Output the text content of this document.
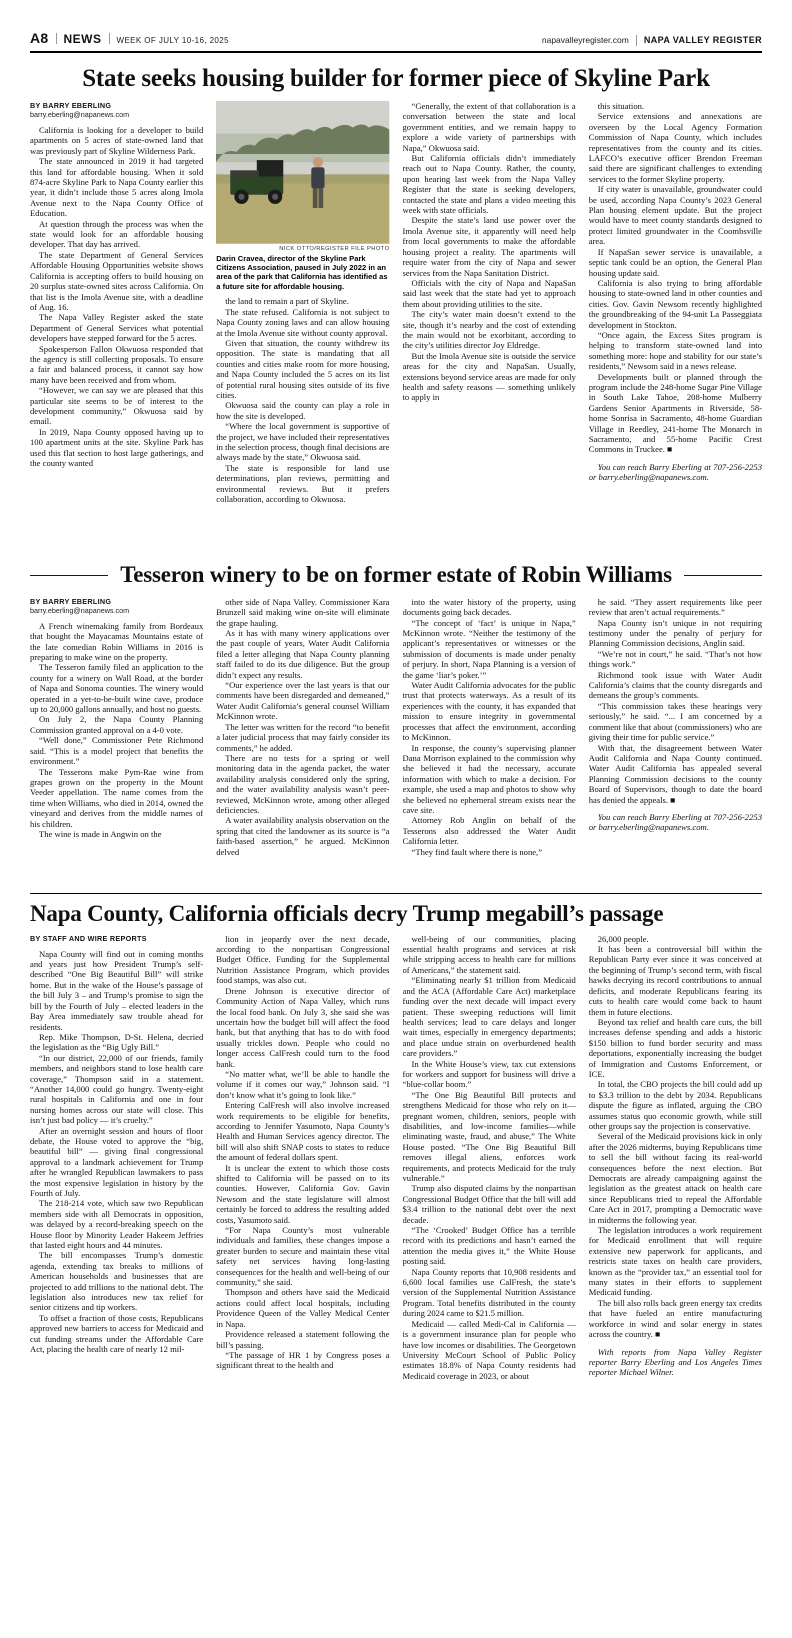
A8 NEWS WEEK OF JULY 10-16, 2025	napavalleyregister.com NAPA VALLEY REGISTER
State seeks housing builder for former piece of Skyline Park
BY BARRY EBERLING
barry.eberling@napanews.com

California is looking for a developer to build apartments on 5 acres of state-owned land that was previously part of Skyline Wilderness Park.

The state announced in 2019 it had targeted this land for affordable housing. When it sold 874-acre Skyline Park to Napa County earlier this year, it didn’t include those 5 acres along Imola Avenue next to the Napa County Office of Education.

At question through the process was when the state would look for an affordable housing developer. That day has arrived.

The state Department of General Services Affordable Housing Opportunities website shows California is accepting offers to build housing on 20 surplus state-owned sites across California. On that list is the Imola Avenue site, with a deadline of Aug. 16.

The Napa Valley Register asked the state Department of General Services what potential developers have stepped forward for the 5 acres.

Spokesperson Fallon Okwuosa responded that the agency is still collecting proposals. To ensure a fair and balanced process, it cannot say how many have been received and from whom.

“However, we can say we are pleased that this particular site seems to be of interest to the development community,” Okwuosa said by email.

In 2019, Napa County opposed having up to 100 apartment units at the site. Skyline Park has used this flat section to host large gatherings, and the county wanted

NICK OTTO/REGISTER FILE PHOTO
Darin Cravea, director of the Skyline Park Citizens Association, paused in July 2022 in an area of the park that California has identified as a future site for affordable housing.

the land to remain a part of Skyline.

The state refused. California is not subject to Napa County zoning laws and can allow housing at the Imola Avenue site without county approval.

Given that situation, the county withdrew its opposition. The state is mandating that all counties and cities make room for more housing, and Napa County included the 5 acres on its list of potential rural housing sites outside of its five cities.

Okwuosa said the county can play a role in how the site is developed.

“Where the local government is supportive of the project, we have included their representatives in the selection process, though final decisions are always made by the state,” Okwuosa said.

The state is responsible for land use determinations, plan reviews, permitting and environmental reviews. But it prefers collaboration, according to Okwuosa.

“Generally, the extent of that collaboration is a conversation between the state and local government entities, and we remain happy to explore a wide variety of partnerships with Napa,” Okwuosa said.

But California officials didn’t immediately reach out to Napa County. Rather, the county, upon hearing last week from the Napa Valley Register that the state is seeking developers, contacted the state and plans a video meeting this week with state officials.

Despite the state’s land use power over the Imola Avenue site, it apparently will need help from local governments to make the affordable housing project a reality. The apartments will require water from the city of Napa and sewer services from the Napa Sanitation District.

Officials with the city of Napa and NapaSan said last week that the state had yet to approach them about providing utilities to the site.

The city’s water main doesn’t extend to the site, though it’s nearby and the cost of extending the main would not be exorbitant, according to the city’s utilities director Joy Eldredge.

But the Imola Avenue site is outside the service areas for the city and NapaSan. Usually, extensions beyond service areas are made for only health and safety reasons — something unlikely to apply in

this situation.

Service extensions and annexations are overseen by the Local Agency Formation Commission of Napa County, which includes representatives from the county and its cities. LAFCO’s executive officer Brendon Freeman said there are significant challenges to extending services to the former Skyline property.

If city water is unavailable, groundwater could be used, according Napa County’s 2023 General Plan housing element update. But the project would have to meet county standards designed to protect limited groundwater in the Coombsville area.

If NapaSan sewer service is unavailable, a septic tank could be an option, the General Plan housing update said.

California is also trying to bring affordable housing to state-owned land in other counties and cities. Gov. Gavin Newsom recently highlighted the groundbreaking of the 94-unit La Passeggiata development in Stockton.

“Once again, the Excess Sites program is helping to transform state-owned land into something more: hope and stability for our state’s residents,” Newsom said in a news release.

Developments built or planned through the program include the 248-home Sugar Pine Village in South Lake Tahoe, 208-home Mulberry Gardens Senior Apartments in Riverside, 58-home Sonrisa in Sacramento, 48-home Guardian Village in Reedley, 241-home The Monarch in Sacramento, and 55-home Pacific Crest Commons in Truckee. ■

You can reach Barry Eberling at 707-256-2253 or barry.eberling@napanews.com.

Tesseron winery to be on former estate of Robin Williams
BY BARRY EBERLING
barry.eberling@napanews.com

A French winemaking family from Bordeaux that bought the Mayacamas Mountains estate of the late comedian Robin Williams in 2016 is preparing to make wine on the property.

The Tesseron family filed an application to the county for a winery on Wall Road, at the border of Napa and Sonoma counties. The winery would operated in a yet-to-be-built wine cave, produce up to 20,000 gallons annually, and host no guests.

On July 2, the Napa County Planning Commission granted approval on a 4-0 vote.

“Well done,” Commissioner Pete Richmond said. “This is a model project that benefits the environment.”

The Tesserons make Pym-Rae wine from grapes grown on the property in the Mount Veeder appellation. The name comes from the time when Williams, who died in 2014, owned the vineyard and derives from the middle names of his children.

The wine is made in Angwin on the

other side of Napa Valley. Commissioner Kara Brunzell said making wine on-site will eliminate the grape hauling.

As it has with many winery applications over the past couple of years, Water Audit California filed a letter alleging that Napa County planning staff failed to do its due diligence. But the group didn’t expect any results.

“Our experience over the last years is that our comments have been disregarded and demeaned,” Water Audit California’s general counsel William McKinnon wrote.

The letter was written for the record “to benefit a later judicial process that may fairly consider its comments,” he added.

There are no tests for a spring or well monitoring data in the agenda packet, the water availability analysis considered only the spring, and the water availability analysis wasn’t peer-reviewed, McKinnon wrote, among other alleged deficiencies.

A water availability analysis observation on the spring that cited the landowner as its source is “a faith-based assertion,” he argued. McKinnon delved

into the water history of the property, using documents going back decades.

“The concept of ‘fact’ is unique in Napa,” McKinnon wrote. “Neither the testimony of the applicant’s representatives or witnesses or the submission of documents is made under penalty of perjury. In short, Napa Planning is a version of the game ‘liar’s poker.’”

Water Audit California advocates for the public trust that protects waterways. As a result of its experiences with the county, it has expanded that mission to ensure integrity in governmental processes that affect the environment, according to McKinnon.

In response, the county’s supervising planner Dana Morrison explained to the commission why she believed it had the necessary, accurate information with which to make a decision. For example, she used a map and photos to show why she believed no ephemeral stream exists near the cave site.

Attorney Rob Anglin on behalf of the Tesserons also addressed the Water Audit California letter.

“They find fault where there is none,”

he said. “They assert requirements like peer review that aren’t actual requirements.”

Napa County isn’t unique in not requiring testimony under the penalty of perjury for Planning Commission decisions, Anglin said.

“We’re not in court,” he said. “That’s not how things work.”

Richmond took issue with Water Audit California’s claims that the county disregards and demeans the group’s comments.

“This commission takes these hearings very seriously,” he said. “... I am concerned by a comment like that about (commissioners) who are giving their time for public service.”

With that, the disagreement between Water Audit California and Napa County continued. Water Audit California has appealed several Planning Commission decisions to the county Board of Supervisors, though to date the board has denied the appeals. ■

You can reach Barry Eberling at 707-256-2253 or barry.eberling@napanews.com.

Napa County, California officials decry Trump megabill’s passage
BY STAFF AND WIRE REPORTS

Napa County will find out in coming months and years just how President Trump’s self-described “One Big Beautiful Bill” will strike home. But in the wake of the House’s passage of the bill July 3 – and Trump’s promise to sign the bill by the Fourth of July – elected leaders in the Bay Area immediately saw trouble ahead for residents.

Rep. Mike Thompson, D-St. Helena, decried the legislation as the “Big Ugly Bill.”

“In our district, 22,000 of our friends, family members, and neighbors stand to lose health care coverage,” Thompson said in a statement. “Another 14,000 could go hungry. Twenty-eight rural hospitals in California and one in four nursing homes across our state will close. This isn’t just bad policy — it’s cruelty.”

After an overnight session and hours of floor debate, the House voted to approve the “big, beautiful bill” — giving final congressional approval to a landmark achievement for Trump after he wrangled Republican lawmakers to pass the most expensive legislation in history by the Fourth of July.

The 218-214 vote, which saw two Republican members side with all Democrats in opposition, was delayed by a record-breaking speech on the House floor by Minority Leader Hakeem Jeffries that lasted eight hours and 44 minutes.

The bill encompasses Trump’s domestic agenda, extending tax breaks to millions of American households and businesses that are projected to add trillions to the national debt. The legislation also introduces new tax relief for senior citizens and tip workers.

To offset a fraction of those costs, Republicans approved new barriers to access for Medicaid and cut funding streams under the Affordable Care Act, placing the health care of nearly 12 mil-

lion in jeopardy over the next decade, according to the nonpartisan Congressional Budget Office. Funding for the Supplemental Nutrition Assistance Program, which provides food stamps, was also cut.

Drene Johnson is executive director of Community Action of Napa Valley, which runs the local food bank. On July 3, she said she was uncertain how the budget bill will affect the food bank, but that anything that has to do with food usually trickles down. People who could no longer access CalFresh could turn to the food bank.

“No matter what, we’ll be able to handle the volume if it comes our way,” Johnson said. “I don’t know what it’s going to look like.”

Entering CalFresh will also involve increased work requirements to be eligible for benefits, according to Jennifer Yasumoto, Napa County’s Health and Human Services agency director. The bill will also shift SNAP costs to states to reduce the amount of federal dollars spent.

It is unclear the extent to which those costs shifted to California will be passed on to its counties. However, California Gov. Gavin Newsom and the state legislature will almost certainly be forced to address the resulting added costs, Yasumoto said.

“For Napa County’s most vulnerable individuals and families, these changes impose a greater burden to secure and maintain these vital safety net services having long-lasting consequences for the health and well-being of our community,” she said.

Thompson and others have said the Medicaid actions could affect local hospitals, including Providence Queen of the Valley Medical Center in Napa.

Providence released a statement following the bill’s passing.

“The passage of HR 1 by Congress poses a significant threat to the health and

well-being of our communities, placing essential health programs and services at risk while stripping access to health care for millions of Americans,” the statement said.

“Eliminating nearly $1 trillion from Medicaid and the ACA (Affordable Care Act) marketplace funding over the next decade will impact every patient. These sweeping reductions will limit health services; lead to care delays and longer wait times, especially in emergency departments; and place undue strain on overburdened health care providers.”

In the White House’s view, tax cut extensions for workers and support for business will drive a “blue-collar boom.”

“The One Big Beautiful Bill protects and strengthens Medicaid for those who rely on it—pregnant women, children, seniors, people with disabilities, and low-income families—while eliminating waste, fraud, and abuse,” The White House posted. “The One Big Beautiful Bill removes illegal aliens, enforces work requirements, and protects Medicaid for the truly vulnerable.”

Trump also disputed claims by the nonpartisan Congressional Budget Office that the bill will add $3.4 trillion to the national debt over the next decade.

“The ‘Crooked’ Budget Office has a terrible record with its predictions and hasn’t earned the attention the media gives it,” the White House posting said.

Napa County reports that 10,908 residents and 6,600 local families use CalFresh, the state’s version of the Supplemental Nutrition Assistance Program. Total benefits distributed in the county during 2024 came to $21.5 million.

Medicaid — called Medi-Cal in California — is a government insurance plan for people who have low incomes or disabilities. The Georgetown University McCourt School of Public Policy estimates 18.8% of Napa County residents had Medicaid coverage in 2023, or about

26,000 people.

It has been a controversial bill within the Republican Party ever since it was conceived at the beginning of Trump’s second term, with fiscal hawks decrying its record contributions to annual deficits, and moderate Republicans fearing its cuts to health care would come back to haunt them in future elections.

Beyond tax relief and health care cuts, the bill increases defense spending and adds a historic $150 billion to fund border security and mass deportations, exponentially increasing the budget of Immigration and Customs Enforcement, or ICE.

In total, the CBO projects the bill could add up to $3.3 trillion to the debt by 2034. Republicans dispute the figure as inflated, arguing the CBO assumes status quo economic growth, while still other groups say the projection is conservative.

Several of the Medicaid provisions kick in only after the 2026 midterms, buying Republicans time to sell the bill without facing its real-world consequences before the next election. But Democrats are already campaigning against the legislation as the greatest attack on health care since Republicans tried to repeal the Affordable Care Act in 2017, prompting a Democratic wave in midterms the following year.

The legislation introduces a work requirement for Medicaid enrollment that will require extensive new paperwork for applicants, and restricts state taxes on health care providers, known as the “provider tax,” an essential tool for many states in their efforts to supplement Medicaid funding.

The bill also rolls back green energy tax credits that have fueled an entire manufacturing workforce in wind and solar energy in states across the country. ■

With reports from Napa Valley Register reporter Barry Eberling and Los Angeles Times reporter Michael Wilner.
